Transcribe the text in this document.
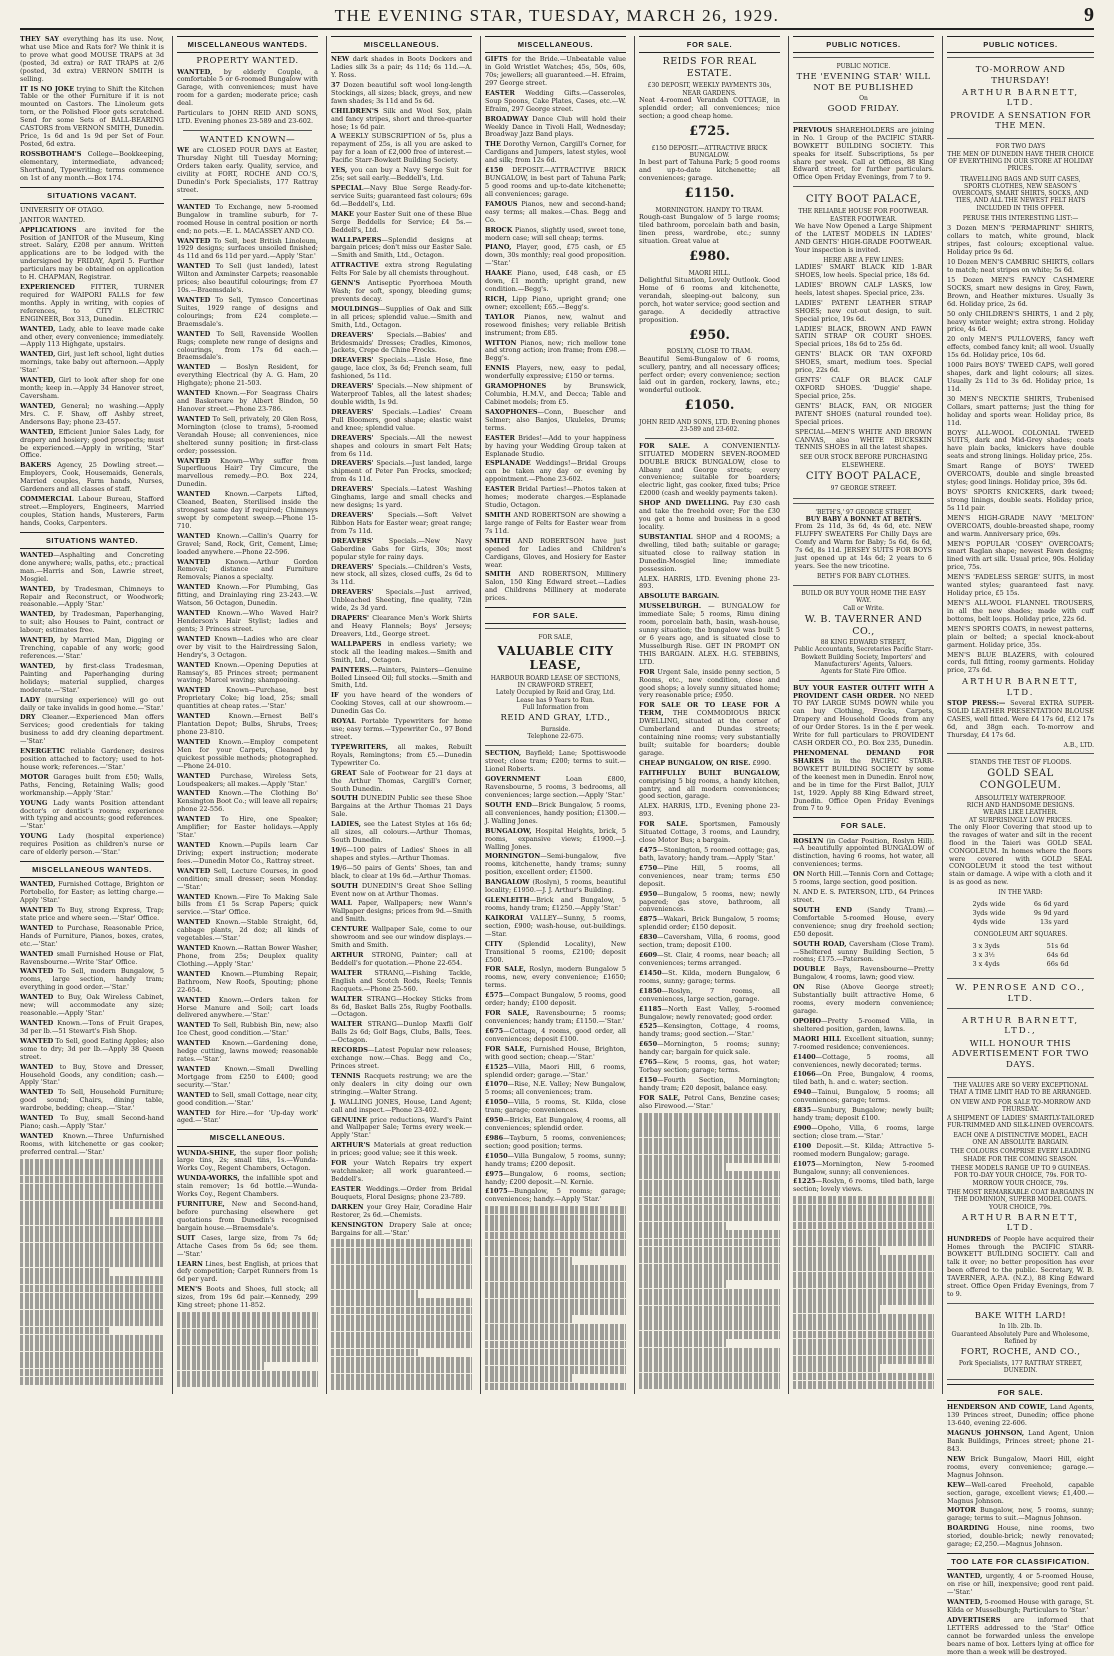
THE EVENING STAR, TUESDAY, MARCH 26, 1929.	9
THEY SAY everything has its use. Now, what use Mice and Rats for? We think it is to prove what good MOUSE TRAPS at 3d (posted, 3d extra) or RAT TRAPS at 2/6 (posted, 3d extra) VERNON SMITH is selling.
IT IS NO JOKE trying to Shift the Kitchen Table or the other Furniture if it is not mounted on Castors. The Linoleum gets torn, or the Polished Floor gets scratched. Send for some Sets of BALL-BEARING CASTORS from VERNON SMITH, Dunedin. Price, 1s 6d and 1s 9d per Set of Four. Posted, 6d extra.
ROSSBOTHAM'S College—Bookkeeping, elementary, intermediate, advanced; Shorthand, Typewriting; terms commence on 1st of any month.—Box 174.
SITUATIONS VACANT.
UNIVERSITY OF OTAGO.
JANITOR WANTED.
APPLICATIONS are invited for the Position of JANITOR of the Museum, King street. Salary, £208 per annum. Written applications are to be lodged with the undersigned by FRIDAY, April 5. Further particulars may be obtained on application to H. CHAPMAN, Registrar.
EXPERIENCED FITTER, TURNER required for WAIPORI FALLS for few months. Apply in writing, with copies of references, to CITY ELECTRIC ENGINEER, Box 313, Dunedin.
WANTED, Lady, able to leave made cake and other, every convenience; immediately.—Apply 113 Highgate, upstairs.
WANTED, Girl, just left school, light duties mornings, take baby out afternoon.—Apply 'Star.'
WANTED, Girl to look after shop for one month; keep in.—Apply 34 Hanover street, Caversham.
WANTED, General; no washing.—Apply Mrs. C. F. Shaw, off Ashby street, Andersons Bay; phone 23-457.
WANTED, Efficient Junior Sales Lady, for drapery and hosiery; good prospects; must be experienced.—Apply in writing, 'Star' Office.
BAKERS Agency, 25 Dowling street.—Employers, Cook, Housemaids, Generals, Married couples, Farm hands, Nurses, Gardeners and all classes of staff.
COMMERCIAL Labour Bureau, Stafford street.—Employers, Engineers, Married couples, Station hands, Musterers, Farm hands, Cooks, Carpenters.
SITUATIONS WANTED.
WANTED—Asphalting and Concreting done anywhere; walls, paths, etc.; practical man.—Harris and Son, Lawrie street, Mosgiel.
WANTED, by Tradesman, Chimneys to Repair and Reconstruct, or Woodwork; reasonable.—Apply 'Star.'
WANTED, by Tradesman, Paperhanging, to suit; also Houses to Paint, contract or labour; estimates free.
WANTED, by Married Man, Digging or Trenching, capable of any work; good references.—'Star.'
WANTED, by first-class Tradesman, Painting and Paperhanging during holidays; material supplied, charges moderate.—'Star.'
LADY (nursing experience) will go out daily or take invalids in good home.—'Star.'
DRY Cleaner.—Experienced Man offers Services; good credentials for taking business to add dry cleaning department.—'Star.'
ENERGETIC reliable Gardener; desires position attached to factory; used to hot-house work; references.—'Star.'
MOTOR Garages built from £50; Walls, Paths, Fencing, Retaining Walls; good workmanship.—Apply 'Star.'
YOUNG Lady wants Position attendant doctor's or dentist's rooms; experience with typing and accounts; good references.—'Star.'
YOUNG Lady (hospital experience) requires Position as children's nurse or care of elderly person.—'Star.'
MISCELLANEOUS WANTEDS.
WANTED, Furnished Cottage, Brighton or Portobello, for Easter; as letting charge.—Apply 'Star.'
WANTED To Buy, strong Express, Trap; state price and where seen.—'Star' Office.
WANTED to Purchase, Reasonable Price, Hands of Furniture, Pianos, boxes, crates, etc.—'Star.'
WANTED small Furnished House or Flat, Ravensbourne.—Write 'Star' Office.
WANTED To Sell, modern Bungalow, 5 rooms, large section, handy tram; everything in good order.—'Star.'
WANTED to Buy, Oak Wireless Cabinet, new; will accommodate any size; reasonable.—Apply 'Star.'
WANTED Known.—Tons of Fruit Grapes, 3d per lb.—51 Stewart's Fish Shop.
WANTED To Sell, good Eating Apples; also some to dry; 3d per lb.—Apply 38 Queen street.
WANTED to Buy, Stove and Dresser, Household Goods, any condition; cash.—Apply 'Star.'
WANTED To Sell, Household Furniture; good sound; Chairs, dining table, wardrobe, bedding; cheap.—'Star.'
WANTED To Buy, small Second-hand Piano; cash.—Apply 'Star.'
WANTED Known.—Three Unfurnished Rooms, with kitchenette or gas cooker; preferred central.—'Star.'
MISCELLANEOUS WANTEDS.
PROPERTY WANTED.
WANTED, by elderly Couple, a comfortable 5 or 6-roomed Bungalow with Garage, with conveniences; must have room for a garden; moderate price; cash deal.
Particulars to JOHN REID AND SONS, LTD. Evening phones 23-589 and 23-602.
WANTED KNOWN—
WE are CLOSED FOUR DAYS at Easter, Thursday Night till Tuesday Morning; Orders taken early. Quality, service, and civility at FORT, ROCHE AND CO.'S, Dunedin's Pork Specialists, 177 Rattray street.
WANTED To Exchange, new 5-roomed Bungalow in tramline suburb, for 7-roomed House in central position or north end; no pets.—E. L. MACASSEY AND CO.
WANTED To Sell, best British Linoleum, 1929 designs; surfaces unsoiled finished; 4s 11d and 6s 11d per yard.—Apply 'Star.'
WANTED To Sell (just landed), latest Wilton and Axminster Carpets; reasonable prices; also beautiful colourings; from £7 10s.—Braemsdale's.
WANTED To Sell, Tymsco Concertinas Suites, 1929 range of designs and colourings; from £24 complete.—Braemsdale's.
WANTED To Sell, Ravenside Woollen Rugs; complete new range of designs and colourings, from 17s 6d each.—Braemsdale's.
WANTED — Boslyn Resident, for everything Electrical (by A. G. Ham, 20 Highgate); phone 21-503.
WANTED Known.—For Seagrass Chairs and Basketware by Albert Bindon, 50 Hanover street.—Phone 23-786.
WANTED To Sell, privately, 20 Glen Ross, Mornington (close to trams), 5-roomed Verandah House; all conveniences, nice sheltered sunny position; in first-class order; possession.
WANTED Known—Why suffer from Superfluous Hair? Try Cimcure, the marvellous remedy.—P.O. Box 224, Dunedin.
WANTED Known.—Carpets Lifted, Cleaned, Beaten, Sterilised inside the strongest same day if required; Chimneys swept by competent sweep.—Phone 15-710.
WANTED Known.—Callin's Quarry for Gravel; Sand, Rock, Grit, Cement, Lime; loaded anywhere.—Phone 22-596.
WANTED Known.—Arthur Gordon Removal; distance and Furniture Removals; Pianos a specialty.
WANTED Known.—For Plumbing, Gas fitting, and Drainlaying ring 23-243.—W. Watson, 56 Octagon, Dunedin.
WANTED Known.—Who Waved Hair? Henderson's Hair Stylist; ladies and gents; 3 Princes street.
WANTED Known—Ladies who are clear over by visit to the Hairdressing Salon, Hendry's, 3 Octagon.
WANTED Known.—Opening Deputies at Ramsay's, 85 Princes street; permanent waving; Marcel waving; shampooing.
WANTED Known—Purchase, best Proprietary Coke; big load, 25s; small quantities at cheap rates.—'Star.'
WANTED Known.—Ernest Bell's Plantation Depot; Bulbs, Shrubs, Trees; phone 23-810.
WANTED Known.—Employ competent Men for your Carpets, Cleaned by quickest possible methods; photographed.—Phone 24-010.
WANTED Purchase, Wireless Sets, Loudspeakers; all makes.—Apply 'Star.'
WANTED Known.—The Clothing Bo' Kensington Boot Co.; will leave all repairs; phone 22-556.
WANTED To Hire, one Speaker; Amplifier; for Easter holidays.—Apply 'Star.'
WANTED Known.—Pupils learn Car Driving; expert instruction; moderate fees.—Dunedin Motor Co., Rattray street.
WANTED Sell, Lecture Courses, in good condition; small dresser; seen Monday.—'Star.'
WANTED Known.—Fire To Making Sale bills from £1 5s Scrap Papers; quick service.—'Star' Office.
WANTED Known.—Stable Straight, 6d, cabbage plants, 2d doz; all kinds of vegetables.—'Star.'
WANTED Known.—Rattan Bower Washer, Phone, from 25s; Deuplex quality Clothing.—Apply 'Star.'
WANTED Known.—Plumbing Repair, Bathroom, New Roofs, Spouting; phone 22-654.
WANTED Known.—Orders taken for Horse Manure and Soil; cart loads delivered anywhere.—'Star.'
WANTED To Sell, Rubbish Bin, new; also Ice Chest, good condition.—'Star.'
WANTED Known.—Gardening done, hedge cutting, lawns mowed; reasonable rates.—'Star.'
WANTED Known.—Small Dwelling Mortgage from £250 to £400; good security.—'Star.'
WANTED to Sell, small Cottage, near city, good condition.—'Star.'
WANTED for Hire.—for 'Up-day work' aged.—'Star.'
MISCELLANEOUS.
WUNDA-SHINE, the super floor polish; large tins, 2s; small tins, 1s.—Wunda-Works Coy., Regent Chambers, Octagon.
WUNDA-WORKS, the infallible spot and stain remover; 1s 6d bottle.—Wunda-Works Coy., Regent Chambers.
FURNITURE, New and Second-hand, before purchasing elsewhere get quotations from Dunedin's recognised bargain house.—Braemsdale's.
SUIT Cases, large size, from 7s 6d; Attache Cases from 5s 6d; see them.—'Star.'
LEARN Lines, best English, at prices that defy competition; Carpet Runners from 1s 6d per yard.
MEN'S Boots and Shoes, full stock; all sizes, from 19s 6d pair.—Kennedy, 299 King street; phone 11-852.
MISCELLANEOUS.
NEW dark shades in Boots Dockers and Ladies silk 3s a pair; 4s 11d; 6s 11d.—A. Y. Ross.
37 Dozen beautiful soft wool long-length Stockings, all sizes; black, greys, and new fawn shades; 3s 11d and 5s 6d.
CHILDREN'S Silk and Wool Sox, plain and fancy stripes, short and three-quarter hose; 1s 6d pair.
A WEEKLY SUBSCRIPTION of 5s, plus a repayment of 25s, is all you are asked to pay for a loan of £2,000 free of interest.—Pacific Starr-Bowkett Building Society.
YES, you can buy a Navy Serge Suit for 25s; set sail early.—Beddell's, Ltd.
SPECIAL—Navy Blue Serge Ready-for-service Suits; guaranteed fast colours; 69s 6d.—Beddell's, Ltd.
MAKE your Easter Suit one of these Blue Serge Beddells for Service; £4 5s.—Beddell's, Ltd.
WALLPAPERS—Splendid designs at bargain prices; don't miss our Easter Sale.—Smith and Smith, Ltd., Octagon.
ATTRACTIVE extra strong Regulating Felts For Sale by all chemists throughout.
GENN'S Antiseptic Pyorrhoea Mouth Wash; for soft, spongy, bleeding gums; prevents decay.
MOULDINGS—Supplies of Oak and Silk in all prices; splendid value.—Smith and Smith, Ltd., Octagon.
DREAVERS' Specials.—Babies' and Bridesmaids' Dresses; Cradles, Kimonos, Jackets, Crepe de Chine Frocks.
DREAVERS' Specials.—Lisle Hose, fine gauge, lace clox, 3s 6d; French seam, full fashioned, 5s 11d.
DREAVERS' Specials.—New shipment of Waterproof Tables, all the latest shades; double width, 1s 9d.
DREAVERS' Specials.—Ladies' Cream Pull Bloomers, good shape; elastic waist and knee; splendid value.
DREAVERS' Specials.—All the newest shapes and colours in smart Felt Hats; from 6s 11d.
DREAVERS' Specials.—Just landed, large shipment of Peter Pan Frocks, smocked; from 4s 11d.
DREAVERS' Specials.—Latest Washing Ginghams, large and small checks and new designs; 1s yard.
DREAVERS' Specials.—Soft Velvet Ribbon Hats for Easter wear; great range; from 7s 11d.
DREAVERS' Specials.—New Navy Gaberdine Gabs for Girls, 30s; most popular style for rainy days.
DREAVERS' Specials.—Children's Vests, new stock, all sizes, closed cuffs, 2s 6d to 3s 11d.
DREAVERS' Specials.—Just arrived, Unbleached Sheeting, fine quality, 72in wide, 2s 3d yard.
DRAPERS' Clearance Men's Work Shirts and Heavy Flannels; Boys' Jerseys; Dreavers, Ltd., George street.
WALLPAPERS in endless variety; we stock all the leading makes.—Smith and Smith, Ltd., Octagon.
PAINTERS.—Painters, Painters—Genuine Boiled Linseed Oil; full stocks.—Smith and Smith, Ltd.
IF you have heard of the wonders of Cooking Stoves, call at our showroom.—Dunedin Gas Co.
ROYAL Portable Typewriters for home use; easy terms.—Typewriter Co., 97 Bond street.
TYPEWRITERS, all makes, Rebuilt Royals, Remingtons; from £5.—Dunedin Typewriter Co.
GREAT Sale of Footwear for 21 days at the Arthur Thomas, Cargill's Corner, South Dunedin.
SOUTH DUNEDIN Public see these Shoe Bargains at the Arthur Thomas 21 Days Sale.
LADIES, see the Latest Styles at 16s 6d; all sizes, all colours.—Arthur Thomas, South Dunedin.
19/6—100 pairs of Ladies' Shoes in all shapes and styles.—Arthur Thomas.
19/6—50 pairs of Gents' Shoes, tan and black, to clear at 19s 6d.—Arthur Thomas.
SOUTH DUNEDIN'S Great Shoe Selling Event now on at Arthur Thomas.
WALL Paper, Wallpapers; new Wann's Wallpaper designs; prices from 9d.—Smith and Smith.
CENTURE Wallpaper Sale, come to our showroom and see our window displays.—Smith and Smith.
ARTHUR STRONG, Painter; call at Beddell's for quotation.—Phone 22-654.
WALTER STRANG,—Fishing Tackle, English and Scotch Rods, Reels; Tennis Racquets.—Phone 25-560.
WALTER STRANG—Hockey Sticks from 8s 6d, Basket Balls 25s, Rugby Footballs.—Octagon.
WALTER STRANG—Dunlop Maxfli Golf Balls 2s 6d; Golf Bags, Clubs, Balls, Tees.—Octagon.
RECORDS—Latest Popular new releases; exchange now.—Chas. Begg and Co., Princes street.
TENNIS Racquets restrung; we are the only dealers in city doing our own stringing.—Walter Strang.
J. WALLING JONES, House, Land Agent; call and inspect.—Phone 23-402.
GENUINE price reductions, Ward's Paint and Wallpaper Sale; Terms every week.—Apply 'Star.'
ARTHUR'S Materials at great reduction in prices; good value; see it this week.
FOR your Watch Repairs try expert watchmaker; all work guaranteed.—Beddell's.
EASTER Weddings.—Order from Bridal Bouquets, Floral Designs; phone 23-789.
DARKEN your Grey Hair, Coradine Hair Restorer, 2s 6d.—Chemists.
KENSINGTON Drapery Sale at once; Bargains for all.—'Star.'
MISCELLANEOUS.
GIFTS for the Bride.—Unbeatable value in Gold Wristlet Watches; 45s, 50s, 60s, 70s; jewellers; all guaranteed.—H. Efraim, 297 George street.
EASTER Wedding Gifts.—Casseroles, Soup Spoons, Cake Plates, Cases, etc.—W. Efraim, 297 George street.
BROADWAY Dance Club will hold their Weekly Dance in Tivoli Hall, Wednesday; Broadway Jazz Band plays.
THE Dorothy Vernon, Cargill's Corner, for Cardigans and Jumpers, latest styles, wool and silk; from 12s 6d.
£150 DEPOSIT.—ATTRACTIVE BRICK BUNGALOW, in best part of Tahuna Park; 5 good rooms and up-to-date kitchenette; all conveniences; garage.
FAMOUS Pianos, new and second-hand; easy terms; all makes.—Chas. Begg and Co.
BROCK Pianos, slightly used, sweet tone, modern case; will sell cheap; terms.
PIANO, Player, good, £75 cash, or £5 down, 30s monthly; real good proposition.—'Star.'
HAAKE Piano, used, £48 cash, or £5 down, £1 month; upright grand, new condition.—Begg's.
RICH, Lipp Piano, upright grand; one owner; excellent; £65.—Begg's.
TAYLOR Pianos, new, walnut and rosewood finishes; very reliable British instrument; from £85.
WITTON Pianos, new; rich mellow tone and strong action; iron frame; from £98.—Begg's.
ENNIS Players, new, easy to pedal, wonderfully expressive; £150 or terms.
GRAMOPHONES by Brunswick, Columbia, H.M.V., and Decca; Table and Cabinet models; from £5.
SAXOPHONES—Conn, Buescher and Selmer; also Banjos, Ukuleles, Drums; terms.
EASTER Brides!—Add to your happiness by having your Wedding Group taken at Esplanade Studio.
ESPLANADE Weddings!—Bridal Groups can be taken any day or evening by appointment.—Phone 23-602.
EASTER Bridal Parties!—Photos taken at homes; moderate charges.—Esplanade Studio, Octagon.
SMITH AND ROBERTSON are showing a large range of Felts for Easter wear from 7s 11d.
SMITH AND ROBERTSON have just opened for Ladies and Children's Cardigans, Gloves, and Hosiery for Easter wear.
SMITH AND ROBERTSON, Millinery Salon, 150 King Edward street.—Ladies and Childrens Millinery at moderate prices.
FOR SALE.
FOR SALE,
VALUABLE CITY LEASE,
HARBOUR BOARD LEASE OF SECTIONS, IN CRAWFORD STREET,
Lately Occupied by Reid and Gray, Ltd.
Lease has 9 Years to Run.
Full Information from
REID AND GRAY, LTD.,
Burnside.
Telephone 22-675.
SECTION, Bayfield; Lane; Spottiswoode street; close tram; £200; terms to suit.—Lionel Roberts.
GOVERNMENT Loan £800, Ravensbourne, 5 rooms, 3 bedrooms, all conveniences; large section.—Apply 'Star.'
SOUTH END—Brick Bungalow, 5 rooms, all conveniences, handy position; £1300.—J. Walling Jones.
BUNGALOW, Hospital Heights, brick, 5 rooms, expansive views; £1900.—J. Walling Jones.
MORNINGTON—Semi-bungalow, five rooms, kitchenette, handy trams; sunny position, excellent order; £1500.
BANGALOW (Roslyn), 5 rooms, beautiful locality; £1950.—J. J. Arthur's Building.
GLENLEITH—Brick and Bungalow, 5 rooms, handy tram; £1250.—Apply 'Star.'
KAIKORAI VALLEY—Sunny, 5 rooms, section, £900; wash-house, out-buildings.—Star.
CITY (Splendid Locality), New Transitional 5 rooms, £2100; deposit £500.
FOR SALE, Roslyn, modern Bungalow 5 rooms, new, every convenience; £1650; terms.
£575—Compact Bungalow, 5 rooms, good order; handy; £100 deposit.
FOR SALE, Ravensbourne; 5 rooms; conveniences; handy tram; £1150.—'Star.'
£675—Cottage, 4 rooms, good order, all conveniences; deposit £100.
FOR SALE, Furnished House, Brighton, with good section; cheap.—'Star.'
£1525—Villa, Maori Hill, 6 rooms, splendid order; garage.—'Star.'
£1070—Rise, N.E. Valley; New Bungalow, 5 rooms; all conveniences; tram.
£1050—Villa, 5 rooms, St. Kilda, close tram; garage; conveniences.
£950—Bricks, Eat Bungalow, 4 rooms, all conveniences; splendid order.
£986—Tayburn, 5 rooms, conveniences; section; good position; terms.
£1050—Villa Bungalow, 5 rooms, sunny; handy trams; £200 deposit.
£975—Bungalow, 6 rooms, section; handy; £200 deposit.—N. Kernie.
£1075—Bungalow, 5 rooms; garage; conveniences; handy.—Apply 'Star.'
FOR SALE.
REIDS FOR REAL ESTATE.
£30 DEPOSIT, WEEKLY PAYMENTS 30s, NEAR GARDENS.
Neat 4-roomed Verandah COTTAGE, in splendid order; all conveniences; nice section; a good cheap home.
£725.
£150 DEPOSIT.—ATTRACTIVE BRICK BUNGALOW.
In best part of Tahuna Park; 5 good rooms and up-to-date kitchenette; all conveniences; garage.
£1150.
MORNINGTON. HANDY TO TRAM.
Rough-cast Bungalow of 5 large rooms; tiled bathroom, porcelain bath and basin, linen press, wardrobe, etc.; sunny situation. Great value at
£980.
MAORI HILL.
Delightful Situation, Lovely Outlook. Good Home of 6 rooms and kitchenette, verandah, sleeping-out balcony, sun porch, hot water service; good section and garage. A decidedly attractive proposition.
£950.
ROSLYN, CLOSE TO TRAM.
Beautiful Semi-Bungalow of 6 rooms, scullery, pantry, and all necessary offices; perfect order; every convenience; section laid out in garden, rockery, lawns, etc.; wonderful outlook.
£1050.
JOHN REID AND SONS, LTD. Evening phones 23-589 and 23-602.
FOR SALE. A CONVENIENTLY-SITUATED MODERN SEVEN-ROOMED DOUBLE BRICK BUNGALOW, close to Albany and George streets; every convenience; suitable for boarders; electric light, gas cooker, fixed tubs; Price £2000 (cash and weekly payments taken).
SHOP AND DWELLING. Pay £30 cash and take the freehold over; For the £30 you get a home and business in a good locality.
SUBSTANTIAL SHOP and 4 ROOMS; a dwelling, tiled bath; suitable or garage; situated close to railway station in Dunedin-Mosgiel line; immediate possession.
ALEX. HARRIS, LTD. Evening phone 23-893.
ABSOLUTE BARGAIN.
MUSSELBURGH. — BUNGALOW for immediate Sale; 5 rooms, Rimu dining room, porcelain bath, basin, wash-house, sunny situation; the bungalow was built 5 or 6 years ago, and is situated close to Musselburgh Rise. GET IN PROMPT ON THIS BARGAIN. ALEX. H.G. STEBBINS, LTD.
FOR Urgent Sale, inside penny section, 5 Rooms, etc., new condition, close and good shops; a lovely sunny situated home; very reasonable price; £950.
FOR SALE OR TO LEASE FOR A TERM, THE COMMODIOUS BRICK DWELLING, situated at the corner of Cumberland and Dundas streets; containing nine rooms; very substantially built; suitable for boarders; double garage.
CHEAP BUNGALOW, ON RISE. £990.
FAITHFULLY BUILT BUNGALOW, comprising 5 big rooms, a handy kitchen, pantry, and all modern conveniences; good section, garage.
ALEX. HARRIS, LTD., Evening phone 23-893.
FOR SALE. Sportsmen, Famously Situated Cottage, 3 rooms, and Laundry, close Motor Bus; a bargain.
£475—Stonington, 5 roomed cottage; gas, bath, lavatory; handy tram.—Apply 'Star.'
£750—Pine Hill, 5 rooms, all conveniences, near tram; terms £50 deposit.
£950—Bungalow, 5 rooms, new; newly papered; gas stove, bathroom, all conveniences.
£875—Wakari, Brick Bungalow, 5 rooms; splendid order; £150 deposit.
£830—Caversham, Villa, 6 rooms, good section, tram; deposit £100.
£609—St. Clair, 4 rooms, near beach; all conveniences; terms arranged.
£1450—St. Kilda, modern Bungalow, 6 rooms, sunny; garage; terms.
£1850—Roslyn, 7 rooms, all conveniences, large section, garage.
£1185—North East Valley, 5-roomed Bungalow; newly renovated; good order.
£525—Kensington, Cottage, 4 rooms, handy trams; good section.—'Star.'
£650—Mornington, 5 rooms; sunny; handy car; bargain for quick sale.
£765—Kew, 5 rooms, gas, hot water; Torbay section; garage; terms.
£150—Fourth Section, Mornington; handy tram; £20 deposit, balance easy.
FOR SALE, Petrol Cans, Benzine cases; also Firewood.—'Star.'
PUBLIC NOTICES.
PUBLIC NOTICE.
THE 'EVENING STAR' WILL NOT BE PUBLISHED
On
GOOD FRIDAY.
PREVIOUS SHAREHOLDERS are joining in No. 1 Group of the PACIFIC STARR-BOWKETT BUILDING SOCIETY. This speaks for itself. Subscriptions, 5s per share per week. Call at Offices, 88 King Edward street, for further particulars. Office Open Friday Evenings, from 7 to 9.
CITY BOOT PALACE,
THE RELIABLE HOUSE FOR FOOTWEAR.
EASTER FOOTWEAR.
We have Now Opened a Large Shipment of the LATEST MODELS IN LADIES' AND GENTS' HIGH-GRADE FOOTWEAR. Your inspection is invited.
HERE ARE A FEW LINES:
LADIES' SMART BLACK KID 1-BAR SHOES, low heels. Special price, 18s 6d.
LADIES' BROWN CALF LASKS, low heels, latest shapes. Special price, 23s.
LADIES' PATENT LEATHER STRAP SHOES; new cut-out design, to suit. Special price, 19s 6d.
LADIES' BLACK, BROWN AND FAWN SATIN STRAP OR COURT SHOES. Special prices, 18s 6d to 25s 6d.
GENTS' BLACK OR TAN OXFORD SHOES, smart, medium toes. Special price, 22s 6d.
GENTS' CALF OR BLACK CALF OXFORD SHOES. 'Duggie' shape. Special price, 25s.
GENTS' BLACK, FAN, OR NIGGER PATENT SHOES (natural rounded toe). Special prices.
SPECIAL—MEN'S WHITE AND BROWN CANVAS, also WHITE BUCKSKIN TENNIS SHOES in all the latest shapes.
SEE OUR STOCK BEFORE PURCHASING ELSEWHERE.
CITY BOOT PALACE,
97 GEORGE STREET.
'BETH'S,' 97 GEORGE STREET,
BUY BABY A BONNET AT BETH'S.
From 2s 11d, 3s 6d, 4s 6d, etc. NEW FLUFFY SWEATERS For Chilly Days are Comfy and Warm for Baby; 5s 6d, 6s 6d, 7s 6d, 8s 11d. JERSEY SUITS FOR BOYS just opened up at 14s 6d; 2 years to 6 years. See the new tricotine.
BETH'S FOR BABY CLOTHES.
BUILD OR BUY YOUR HOME THE EASY WAY.
Call or Write.
W. B. TAVERNER AND CO.,
88 KING EDWARD STREET,
Public Accountants, Secretaries Pacific Starr-Bowkett Building Society, Importers' and Manufacturers' Agents, Valuers.
Agents for State Fire Office.
BUY YOUR EASTER OUTFIT WITH A PROVIDENT CASH ORDER. NO NEED TO PAY LARGE SUMS DOWN while you can buy Clothing, Frocks, Carpets, Drapery and Household Goods from any of our Order Stores. 1s in the £ per week. Write for full particulars to PROVIDENT CASH ORDER CO., P.O. Box 235, Dunedin.
PHENOMENAL DEMAND FOR SHARES in the PACIFIC STARR-BOWKETT BUILDING SOCIETY by some of the keenest men in Dunedin. Enrol now, and be in time for the First Ballot, JULY 1st, 1929. Apply 88 King Edward street, Dunedin. Office Open Friday Evenings from 7 to 9.
FOR SALE.
ROSLYN (in Cedar Position, Roslyn Hill).—A beautifully appointed BUNGALOW of distinction, having 6 rooms, hot water, all conveniences; terms.
ON North Hill.—Tennis Corn and Cottage; 5 rooms, large section, good position.
N. AND E. S. PATERSON, LTD., 64 Princes street.
SOUTH END (Sandy Tram).—Comfortable 5-roomed House, every convenience; snug dry freehold section; £50 deposit.
SOUTH ROAD, Caversham (Close Tram).—Sheltered sunny Building Section, 5 rooms; £175.—Paterson.
DOUBLE Bays, Ravensbourne—Pretty Bungalow, 4 rooms, lawn; good view.
ON Rise (Above George street); Substantially built attractive Home, 6 rooms, every modern convenience; garage.
OPOHO—Pretty 5-roomed Villa, in sheltered position, garden, lawns.
MAORI HILL Excellent situation, sunny; 7-roomed residence; conveniences.
£1400—Cottage, 5 rooms, all conveniences, newly decorated; terms.
£1066—On Free, Bungalow, 4 rooms, tiled bath, h. and c. water; section.
£940—Tainui, Bungalow, 5 rooms; all conveniences; garage; terms.
£835—Sunbury, Bungalow; newly built; handy tram; deposit £100.
£900—Opoho, Villa, 6 rooms, large section; close tram.—'Star.'
£100 Deposit.—St. Kilda; Attractive 5-roomed modern Bungalow; garage.
£1075—Mornington, New 5-roomed Bungalow, sunny; all conveniences.
£1225—Roslyn, 6 rooms, tiled bath, large section; lovely views.
PUBLIC NOTICES.
TO-MORROW AND THURSDAY!
ARTHUR BARNETT, LTD.
PROVIDE A SENSATION FOR THE MEN.
FOR TWO DAYS
THE MEN OF DUNEDIN HAVE THEIR CHOICE OF EVERYTHING IN OUR STORE AT HOLIDAY PRICES.
TRAVELLING BAGS AND SUIT CASES, SPORTS CLOTHES, NEW SEASON'S OVERCOATS, SMART SHIRTS, SOCKS, AND TIES, AND ALL THE NEWEST FELT HATS INCLUDED IN THIS OFFER.
PERUSE THIS INTERESTING LIST:—
3 Dozen MEN'S 'PERMAPRINT' SHIRTS, collars to match, white ground, black stripes, fast colours; exceptional value. Holiday price 9s 6d.
10 Dozen MEN'S CAMBRIC SHIRTS, collars to match; neat stripes on white; 5s 6d.
15 Dozen MEN'S FANCY CASHMERE SOCKS, smart new designs in Grey, Fawn, Brown, and Heather mixtures. Usually 3s 6d. Holiday price, 2s 6d.
50 only CHILDREN'S SHIRTS, 1 and 2 ply, heavy winter weight; extra strong. Holiday price, 4s 6d.
20 only MEN'S PULLOVERS, fancy weft effects, combed fancy knit; all wool. Usually 15s 6d. Holiday price, 10s 6d.
1000 Pairs BOYS' TWEED CAPS, well gored shapes, dark and light colours; all sizes. Usually 2s 11d to 3s 6d. Holiday price, 1s 11d.
30 MEN'S NECKTIE SHIRTS, Trubenised Collars, smart patterns; just the thing for holiday and sports wear. Holiday price, 8s 11d.
BOYS' ALL-WOOL COLONIAL TWEED SUITS, dark and Mid-Grey shades; coats have plain backs, knickers have double seats and strong linings. Holiday price, 25s.
Smart Range of BOYS' TWEED OVERCOATS, double and single breasted styles; good linings. Holiday price, 39s 6d.
BOYS' SPORTS KNICKERS, dark tweed; strong linings, double seats. Holiday price, 5s 11d pair.
MEN'S HIGH-GRADE NAVY 'MELTON' OVERCOATS, double-breasted shape, roomy and warm. Anniversary price, 69s.
MEN'S POPULAR 'COSEY' OVERCOATS; smart Raglan shape; newest Fawn designs; lined with art silk. Usual price, 90s. Holiday price, 75s.
MEN'S 'FADELESS SERGE' SUITS, in most wanted styles; guaranteed fast navy. Holiday price, £5 15s.
MEN'S ALL-WOOL FLANNEL TROUSERS, in all the new shades; made with cuff bottoms, belt loops. Holiday price, 22s 6d.
MEN'S SPORTS COATS, in newest patterns, plain or belted; a special knock-about garment. Holiday price, 35s.
MEN'S BLUE BLAZERS, with coloured cords, full fitting, roomy garments. Holiday price, 27s 6d.
ARTHUR BARNETT, LTD.
STOP PRESS:— Several EXTRA SUPER-SOLID LEATHER PRESENTATION BLOUSE CASES, well fitted. Were £4 17s 6d, £12 17s 6d, and 38gn each. To-morrow and Thursday, £4 17s 6d.
A.B., LTD.
STANDS THE TEST OF FLOODS.
GOLD SEAL CONGOLEUM.
ABSOLUTELY WATERPROOF.
RICH AND HANDSOME DESIGNS.
WEARS LIKE LEATHER.
AT SURPRISINGLY LOW PRICES.
The only Floor Covering that stood up to the ravages of water and silt in the recent flood in the Taieri was GOLD SEAL CONGOLEUM. In homes where the floors were covered with GOLD SEAL CONGOLEUM it stood the test without stain or damage. A wipe with a cloth and it is as good as new.
IN THE YARD:
2yds wide	6s 6d yard
3yds wide	9s 9d yard
4yds wide	13s yard
CONGOLEUM ART SQUARES.
3 x 3yds	51s 6d
3 x 3½	64s 6d
3 x 4yds	66s 6d
W. PENROSE AND CO., LTD.
ARTHUR BARNETT, LTD.,
WILL HONOUR THIS ADVERTISEMENT FOR TWO DAYS.
THE VALUES ARE SO VERY EXCEPTIONAL THAT A TIME LIMIT HAD TO BE ARRANGED.
ON VIEW AND FOR SALE TO-MORROW AND THURSDAY.
A SHIPMENT OF LADIES' SMARTLY-TAILORED FUR-TRIMMED AND SILK-LINED OVERCOATS.
EACH ONE A DISTINCTIVE MODEL, EACH ONE AN ABSOLUTE BARGAIN.
THE COLOURS COMPRISE EVERY LEADING SHADE FOR THE COMING SEASON.
THESE MODELS RANGE UP TO 9 GUINEAS. FOR TO-DAY YOUR CHOICE, 79s. FOR TO-MORROW YOUR CHOICE, 79s.
THE MOST REMARKABLE COAT BARGAINS IN THE DOMINION, SUPERB MODEL COATS. YOUR CHOICE, 79s.
ARTHUR BARNETT, LTD.
HUNDREDS of People have acquired their Homes through the PACIFIC STARR-BOWKETT BUILDING SOCIETY. Call and talk it over; no better proposition has ever been offered to the public. Secretary, W. B. TAVERNER, A.P.A. (N.Z.), 88 King Edward street. Office Open Friday Evenings, from 7 to 9.
BAKE WITH LARD!
In 1lb. 2lb. Ib.
Guaranteed Absolutely Pure and Wholesome, Refined by
FORT, ROCHE, AND CO.,
Pork Specialists, 177 RATTRAY STREET, DUNEDIN.
FOR SALE.
HENDERSON AND COWIE, Land Agents, 139 Princes street, Dunedin; office phone 13-640, evening 22-606.
MAGNUS JOHNSON, Land Agent, Union Bank Buildings, Princes street; phone 21-843.
NEW Brick Bungalow, Maori Hill, eight rooms, every convenience; garage.—Magnus Johnson.
KEW—Well-cared Freehold, capable section, garage, excellent views; £1,400.—Magnus Johnson.
MOTOR Bungalow, new, 5 rooms, sunny; garage; terms to suit.—Magnus Johnson.
BOARDING House, nine rooms, two storied, double-brick; newly renovated; garage; £2,250.—Magnus Johnson.
TOO LATE FOR CLASSIFICATION.
WANTED, urgently, 4 or 5-roomed House, on rise or hill, inexpensive; good rent paid.—'Star.'
WANTED, 5-roomed House with garage, St. Kilda or Musselburgh; Particulars to 'Star.'
ADVERTISERS are informed that LETTERS addressed to the 'Star' Office cannot be forwarded unless the envelope bears name of box. Letters lying at office for more than a week will be destroyed.
